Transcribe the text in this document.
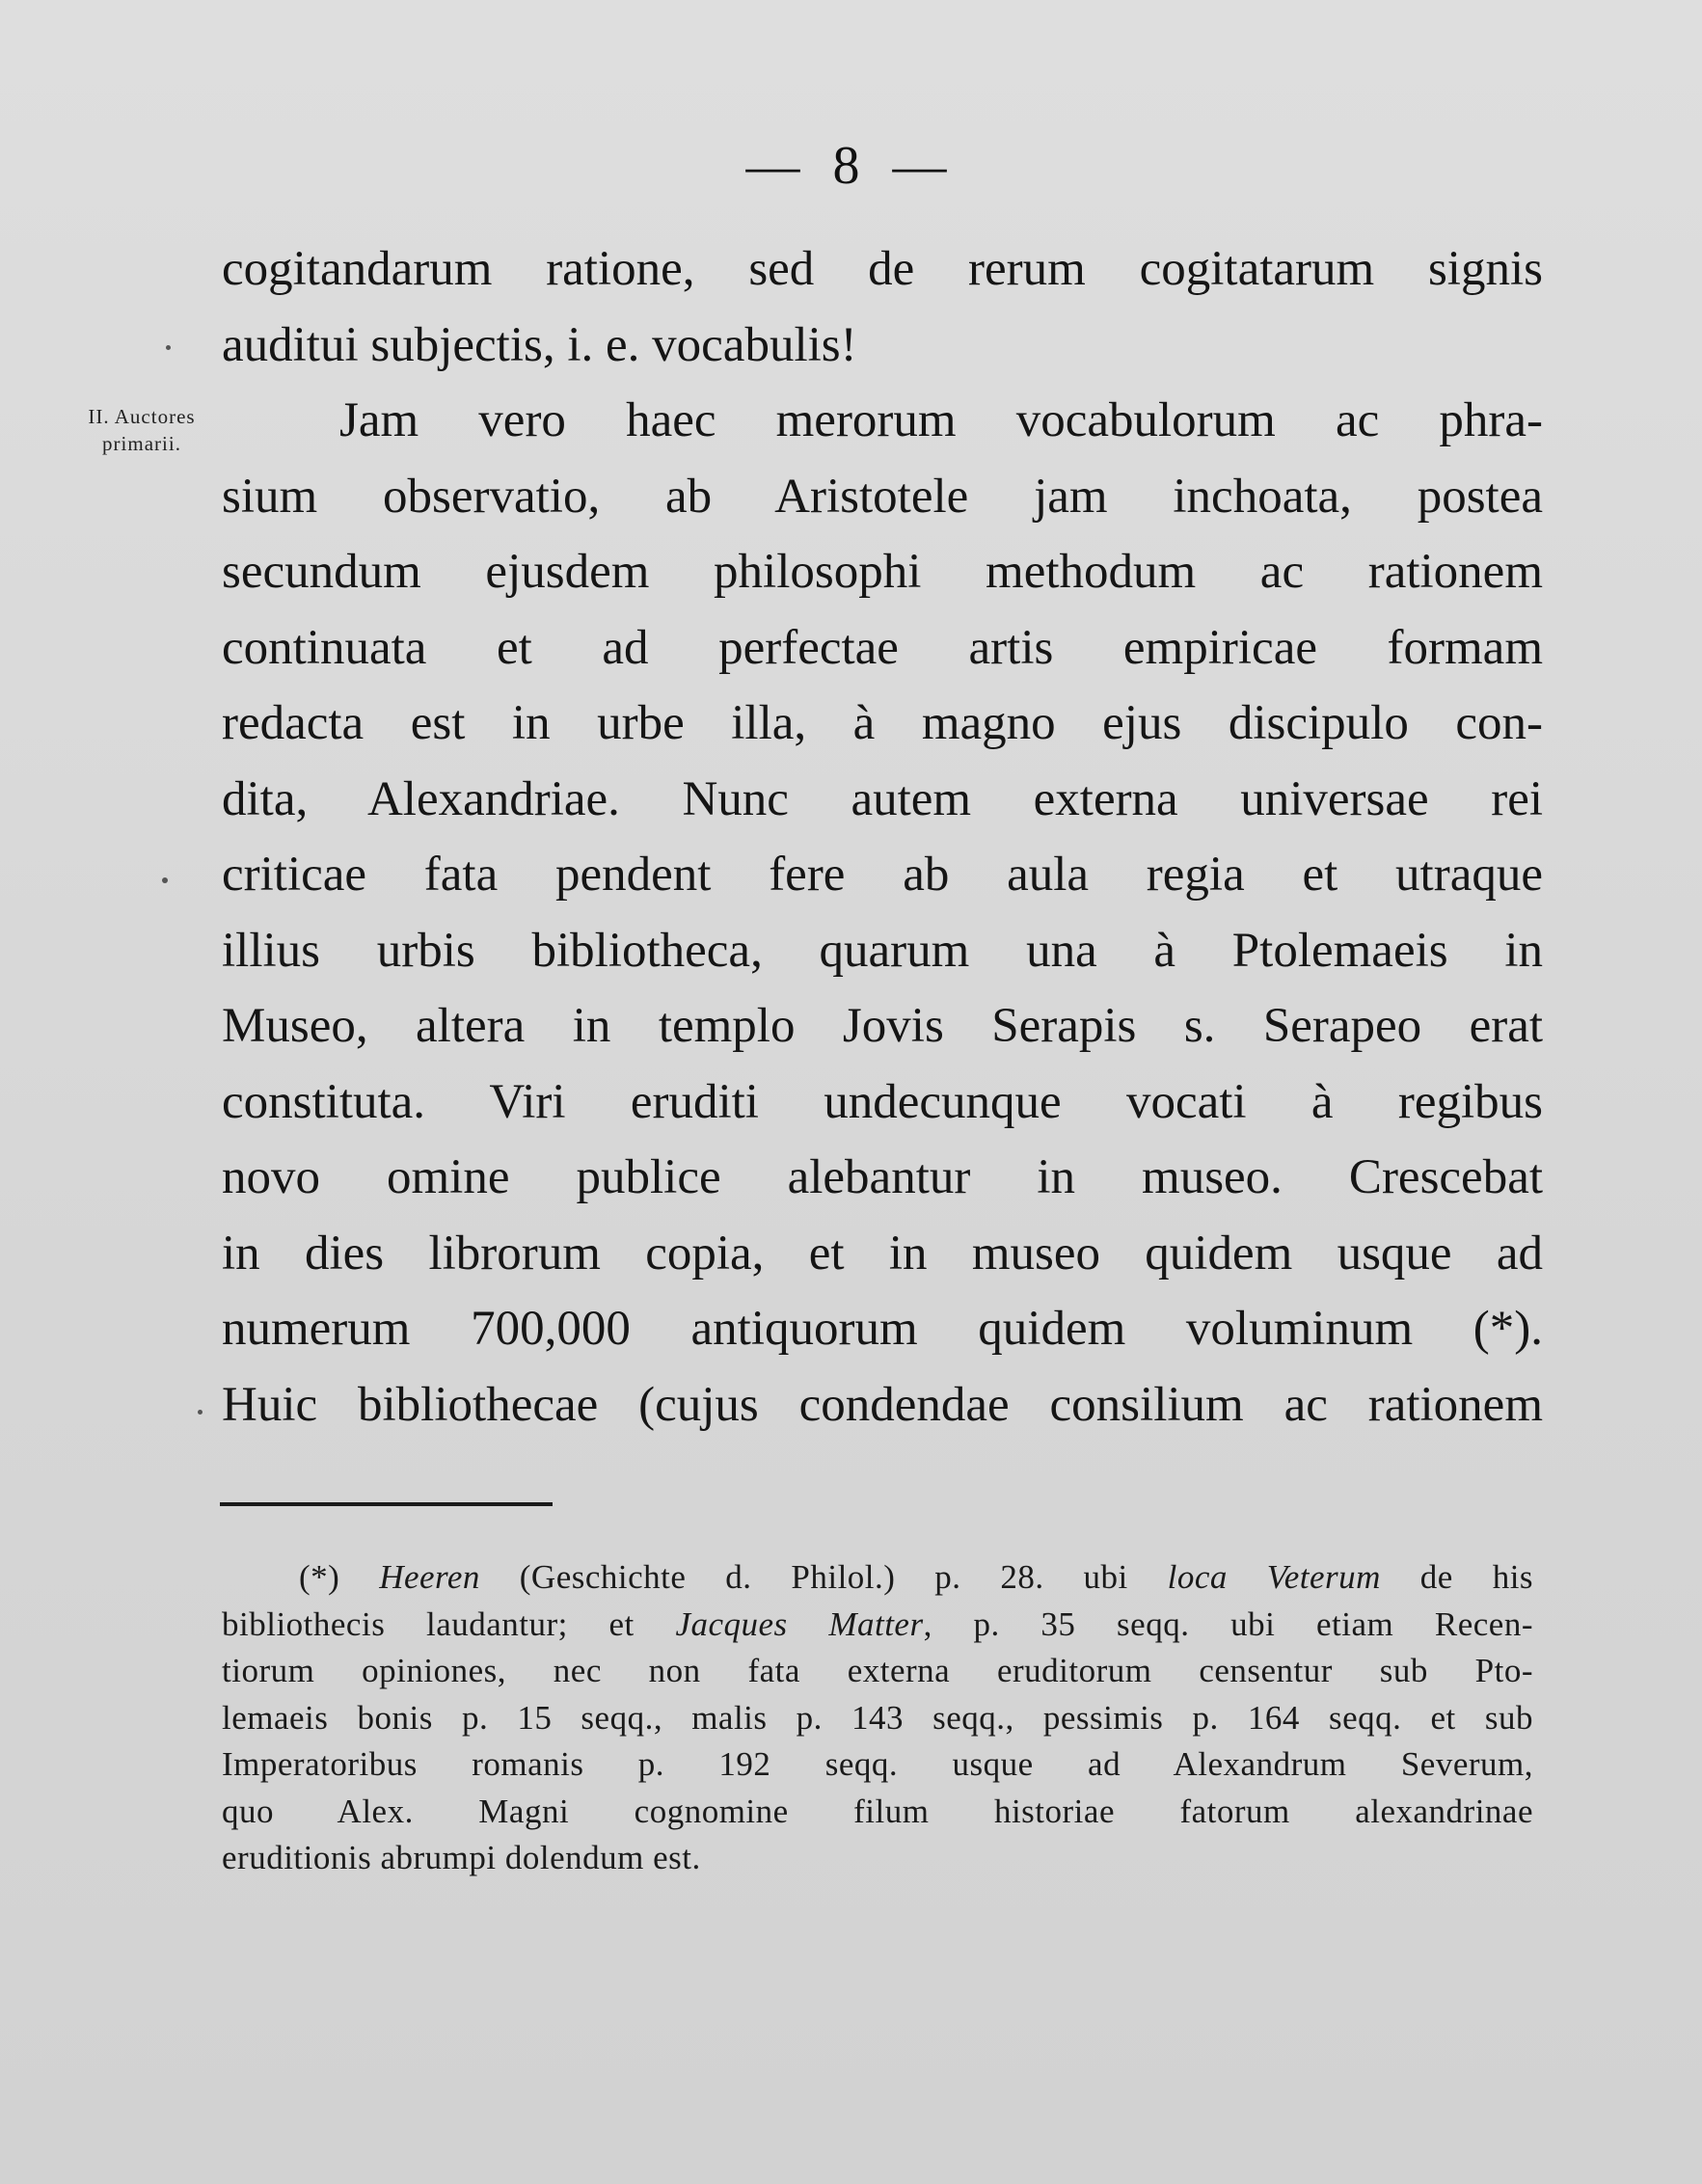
— 8 —
II. Auctores
primarii.
cogitandarum ratione, sed de rerum cogitatarum signis
auditui subjectis, i. e. vocabulis!
Jam vero haec merorum vocabulorum ac phra-
sium observatio, ab Aristotele jam inchoata, postea
secundum ejusdem philosophi methodum ac rationem
continuata et ad perfectae artis empiricae formam
redacta est in urbe illa, à magno ejus discipulo con-
dita, Alexandriae. Nunc autem externa universae rei
criticae fata pendent fere ab aula regia et utraque
illius urbis bibliotheca, quarum una à Ptolemaeis in
Museo, altera in templo Jovis Serapis s. Serapeo erat
constituta. Viri eruditi undecunque vocati à regibus
novo omine publice alebantur in museo. Crescebat
in dies librorum copia, et in museo quidem usque ad
numerum 700,000 antiquorum quidem voluminum (*).
Huic bibliothecae (cujus condendae consilium ac rationem
(*) Heeren (Geschichte d. Philol.) p. 28. ubi loca Veterum de his
bibliothecis laudantur; et Jacques Matter, p. 35 seqq. ubi etiam Recen-
tiorum opiniones, nec non fata externa eruditorum censentur sub Pto-
lemaeis bonis p. 15 seqq., malis p. 143 seqq., pessimis p. 164 seqq. et sub
Imperatoribus romanis p. 192 seqq. usque ad Alexandrum Severum,
quo Alex. Magni cognomine filum historiae fatorum alexandrinae
eruditionis abrumpi dolendum est.
